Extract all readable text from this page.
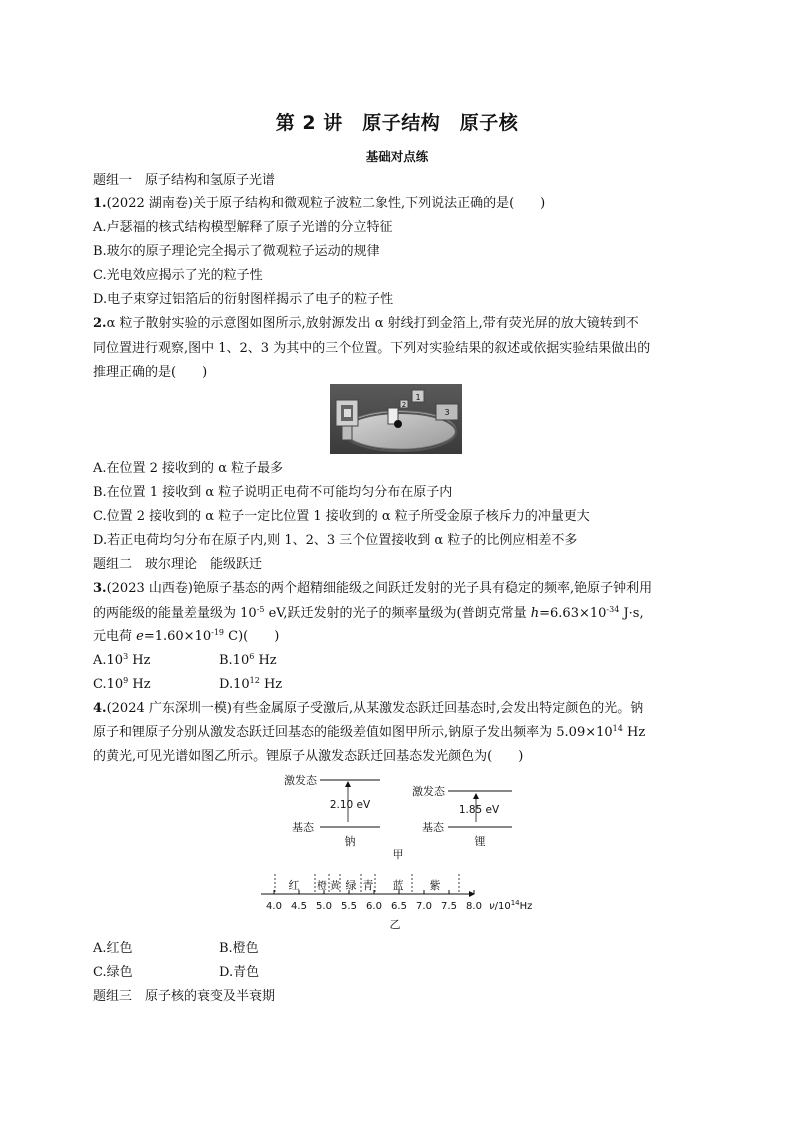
第 2 讲　原子结构　原子核
基础对点练
题组一　原子结构和氢原子光谱
1.(2022 湖南卷)关于原子结构和微观粒子波粒二象性,下列说法正确的是(　　)
A.卢瑟福的核式结构模型解释了原子光谱的分立特征
B.玻尔的原子理论完全揭示了微观粒子运动的规律
C.光电效应揭示了光的粒子性
D.电子束穿过铝箔后的衍射图样揭示了电子的粒子性
2.α 粒子散射实验的示意图如图所示,放射源发出 α 射线打到金箔上,带有荧光屏的放大镜转到不
同位置进行观察,图中 1、2、3 为其中的三个位置。下列对实验结果的叙述或依据实验结果做出的
推理正确的是(　　)
1
2
3
A.在位置 2 接收到的 α 粒子最多
B.在位置 1 接收到 α 粒子说明正电荷不可能均匀分布在原子内
C.位置 2 接收到的 α 粒子一定比位置 1 接收到的 α 粒子所受金原子核斥力的冲量更大
D.若正电荷均匀分布在原子内,则 1、2、3 三个位置接收到 α 粒子的比例应相差不多
题组二　玻尔理论　能级跃迁
3.(2023 山西卷)铯原子基态的两个超精细能级之间跃迁发射的光子具有稳定的频率,铯原子钟利用
的两能级的能量差量级为 $10^{-5}$ eV,跃迁发射的光子的频率量级为(普朗克常量 $h=6.63\times 10^{-34}$ J·s,
元电荷 $e=1.60\times 10^{-19}$ C)(　　)
$A.10^3$ Hz	$B.10^6$ Hz
$C.10^9$ Hz	$D.10^{12}$ Hz
4.(2024 广东深圳一模)有些金属原子受激后,从某激发态跃迁回基态时,会发出特定颜色的光。钠
原子和锂原子分别从激发态跃迁回基态的能级差值如图甲所示,钠原子发出频率为 $5.09\times 10^{14}$ Hz
的黄光,可见光谱如图乙所示。锂原子从激发态跃迁回基态发光颜色为(　　)
激发态
2.10 eV
基态
钠
激发态
1.85 eV
基态
锂
甲
红 橙 黄 绿 青 蓝 紫
4.0 4.5 5.0 5.5 6.0 6.5 7.0 7.5 8.0 $\nu/10^{14}Hz$
乙
A.红色	B.橙色
C.绿色	D.青色
题组三　原子核的衰变及半衰期
